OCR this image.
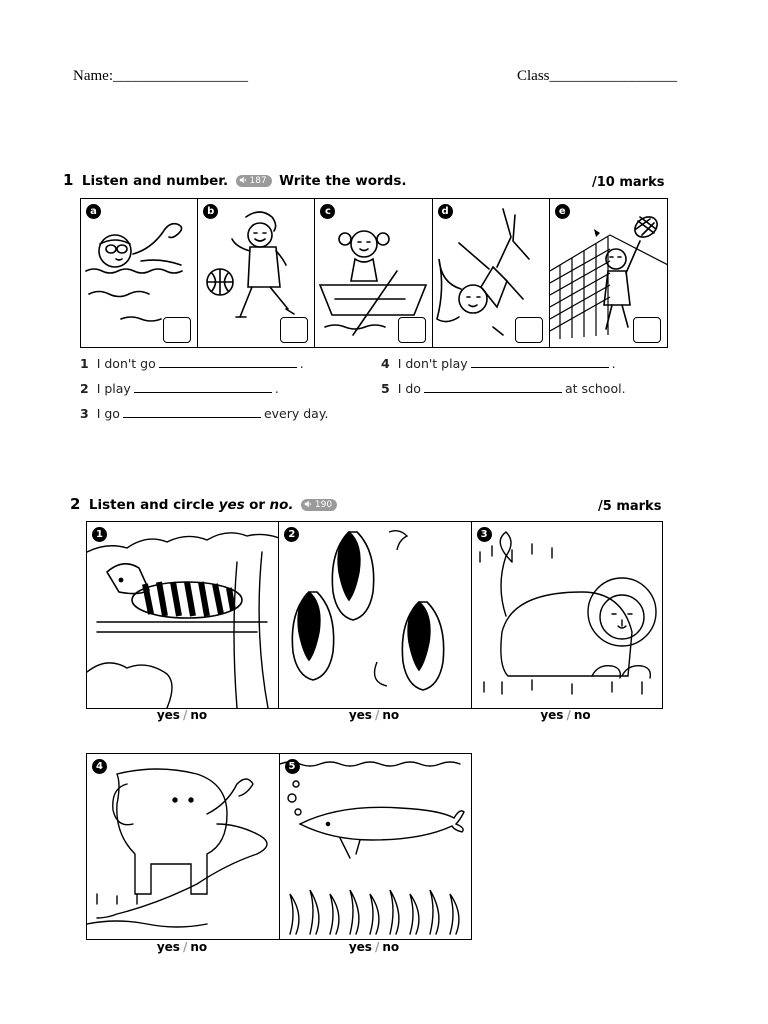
Name:__________________	Class_________________
1 Listen and number. 187 Write the words.	/10 marks
a	b	c	d	e
1 I don't go	.
2 I play	.
3 I go	every day.
4 I don't play	.
5 I do	at school.
2 Listen and circle yes or no. 190	/5 marks
1	2	3
yes / no	yes / no	yes / no
4	5
yes / no	yes / no
